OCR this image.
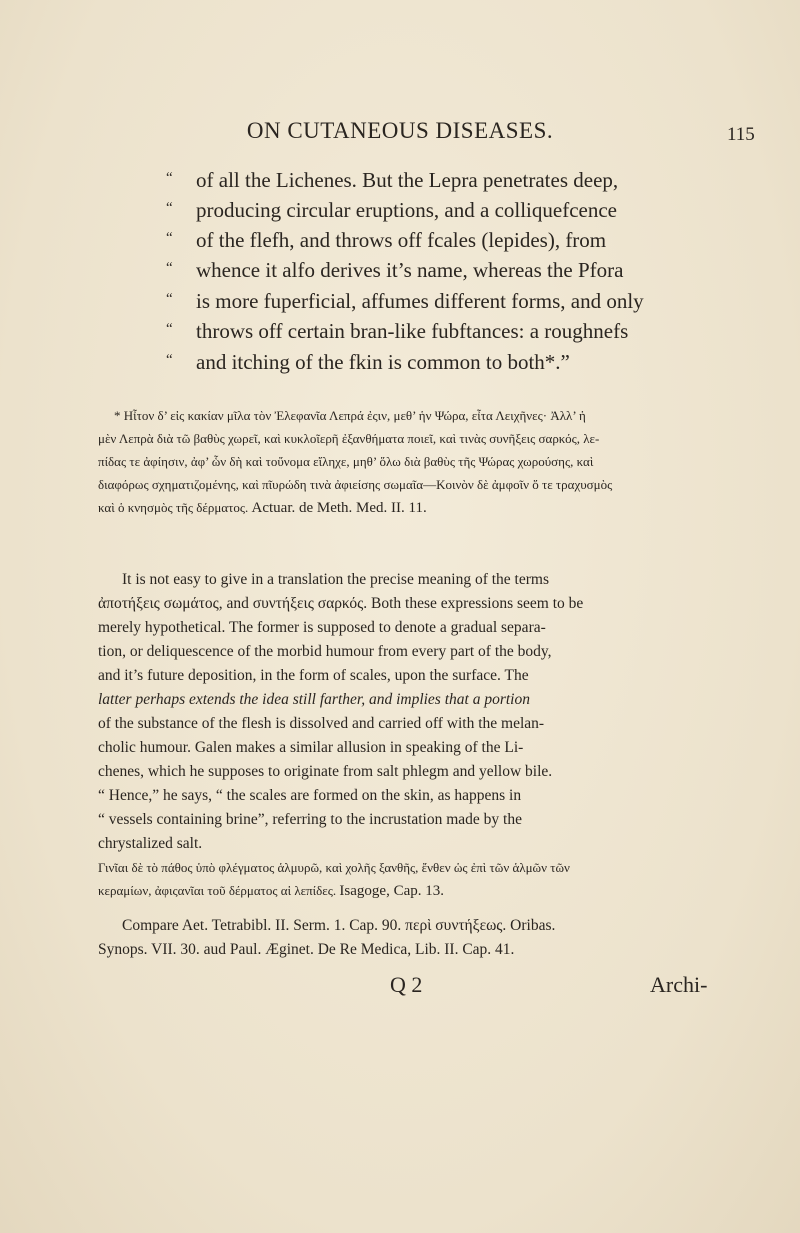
ON CUTANEOUS DISEASES.	115
“ of all the Lichenes. But the Lepra penetrates deep,
“ producing circular eruptions, and a colliquefcence
“ of the flefh, and throws off fcales (lepides), from
“ whence it alfo derives it’s name, whereas the Pfora
“ is more fuperficial, affumes different forms, and only
“ throws off certain bran-like fubftances: a roughnefs
“ and itching of the fkin is common to both*.”
* Ηἶτον δ’ εἰς κακίαν μῖλα τὸν Ἐλεφανῖα Λεπρά ἐςιν, μεθ’ ἡν Ψώρα, εἶτα Λειχῆνες· Ἀλλ’ ἡ
μὲν Λεπρὰ διὰ τῶ βαθὺς χωρεῖ, καὶ κυκλοῖερῆ ἐξανθήματα ποιεῖ, καὶ τινὰς συνῆξεις σαρκός, λε-
πίδας τε ἀφίησιν, ἀφ’ ὧν δὴ καὶ τοὔνομα εἴληχε, μηθ’ ὅλω διὰ βαθὺς τῆς Ψώρας χωρούσης, καὶ
διαφόρως σχηματιζομένης, καὶ πῖυρώδη τινὰ ἀφιείσης σωμαῖα—Κοινὸν δὲ ἀμφοῖν ὅ τε τραχυσμὸς
καὶ ὁ κνησμὸς τῆς δέρματος. Actuar. de Meth. Med. II. 11.
It is not easy to give in a translation the precise meaning of the terms
ἀποτήξεις σωμάτος, and συντήξεις σαρκός. Both these expressions seem to be
merely hypothetical. The former is supposed to denote a gradual separa-
tion, or deliquescence of the morbid humour from every part of the body,
and it’s future deposition, in the form of scales, upon the surface. The
latter perhaps extends the idea still farther, and implies that a portion
of the substance of the flesh is dissolved and carried off with the melan-
cholic humour. Galen makes a similar allusion in speaking of the Li-
chenes, which he supposes to originate from salt phlegm and yellow bile.
“ Hence,” he says, “ the scales are formed on the skin, as happens in
“ vessels containing brine”, referring to the incrustation made by the
chrystalized salt.
Γινῖαι δὲ τὸ πάθος ὑπὸ φλέγματος ἁλμυρῶ, καὶ χολῆς ξανθῆς, ἔνθεν ὡς ἐπὶ τῶν ἁλμῶν τῶν
κεραμίων, ἀφιςανῖαι τοῦ δέρματος αἱ λεπίδες. Isagoge, Cap. 13.
Compare Aet. Tetrabibl. II. Serm. 1. Cap. 90. περὶ συντήξεως. Oribas.
Synops. VII. 30. aud Paul. Æginet. De Re Medica, Lib. II. Cap. 41.
Q 2	Archi-
